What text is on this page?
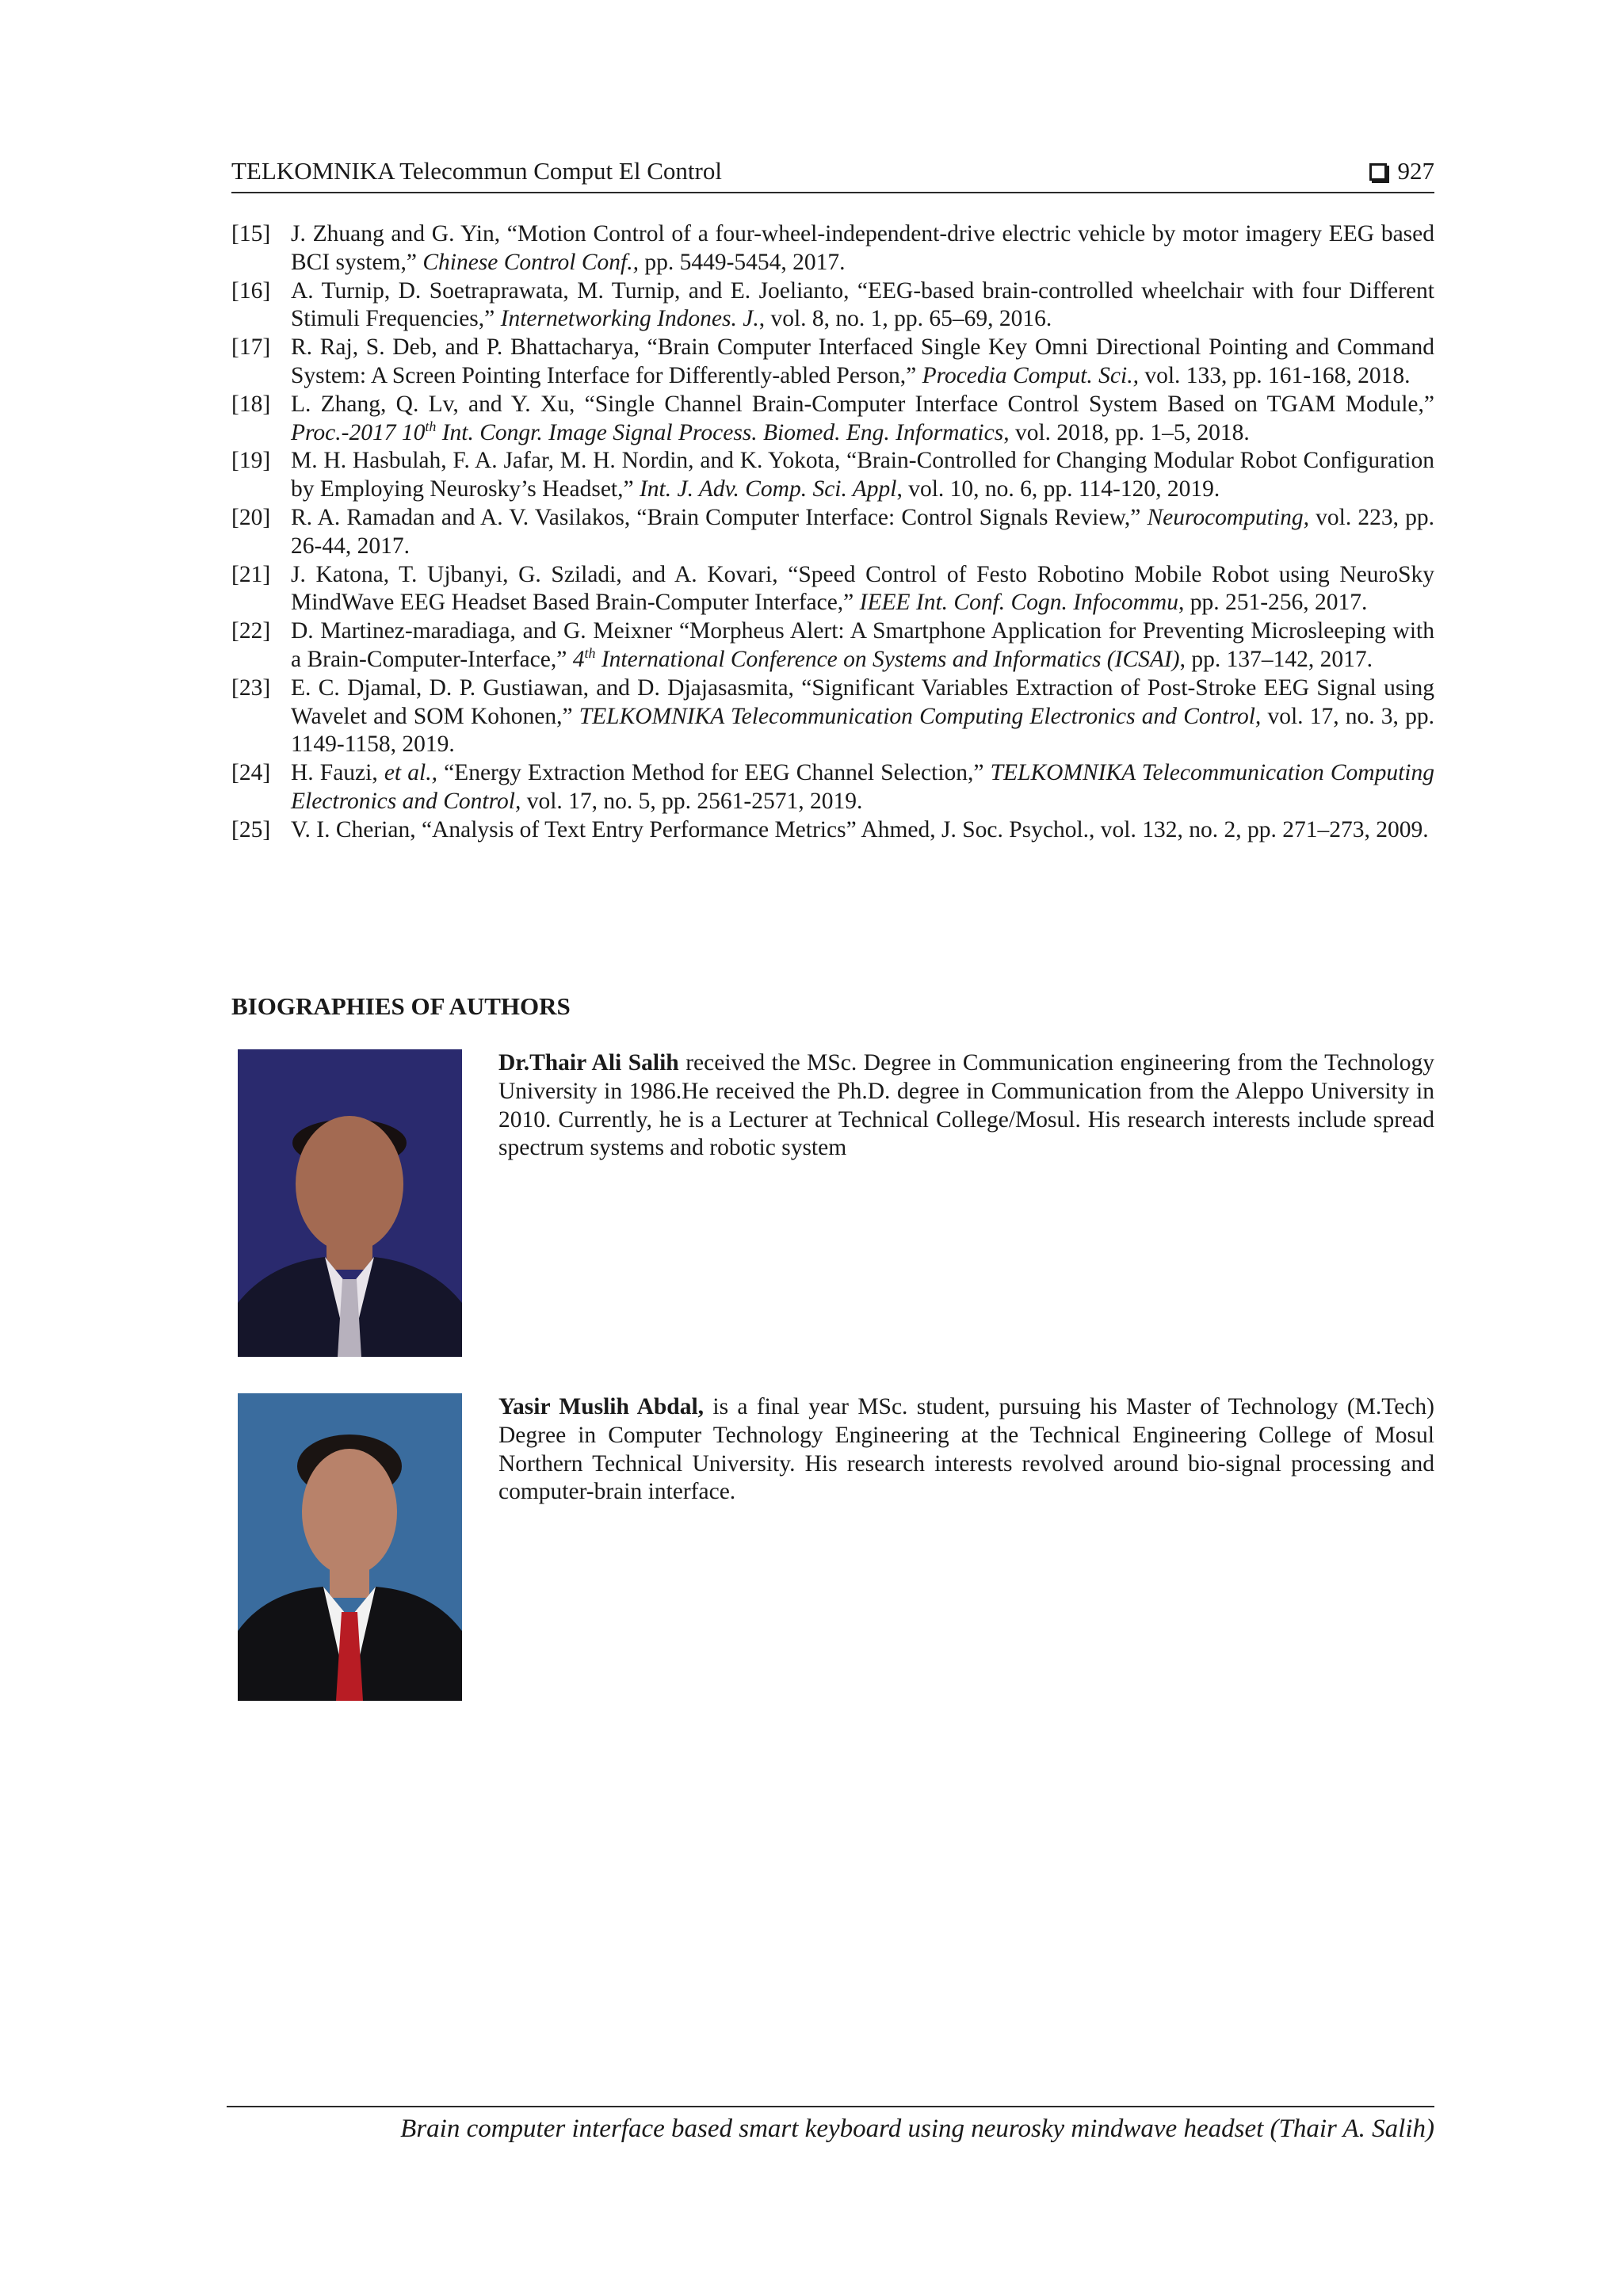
TELKOMNIKA Telecommun Comput El Control	927
[15] J. Zhuang and G. Yin, “Motion Control of a four-wheel-independent-drive electric vehicle by motor imagery EEG based BCI system,” Chinese Control Conf., pp. 5449-5454, 2017.
[16] A. Turnip, D. Soetraprawata, M. Turnip, and E. Joelianto, “EEG-based brain-controlled wheelchair with four Different Stimuli Frequencies,” Internetworking Indones. J., vol. 8, no. 1, pp. 65–69, 2016.
[17] R. Raj, S. Deb, and P. Bhattacharya, “Brain Computer Interfaced Single Key Omni Directional Pointing and Command System: A Screen Pointing Interface for Differently-abled Person,” Procedia Comput. Sci., vol. 133, pp. 161-168, 2018.
[18] L. Zhang, Q. Lv, and Y. Xu, “Single Channel Brain-Computer Interface Control System Based on TGAM Module,” Proc.-2017 10th Int. Congr. Image Signal Process. Biomed. Eng. Informatics, vol. 2018, pp. 1–5, 2018.
[19] M. H. Hasbulah, F. A. Jafar, M. H. Nordin, and K. Yokota, “Brain-Controlled for Changing Modular Robot Configuration by Employing Neurosky’s Headset,” Int. J. Adv. Comp. Sci. Appl, vol. 10, no. 6, pp. 114-120, 2019.
[20] R. A. Ramadan and A. V. Vasilakos, “Brain Computer Interface: Control Signals Review,” Neurocomputing, vol. 223, pp. 26-44, 2017.
[21] J. Katona, T. Ujbanyi, G. Sziladi, and A. Kovari, “Speed Control of Festo Robotino Mobile Robot using NeuroSky MindWave EEG Headset Based Brain-Computer Interface,” IEEE Int. Conf. Cogn. Infocommu, pp. 251-256, 2017.
[22] D. Martinez-maradiaga, and G. Meixner “Morpheus Alert: A Smartphone Application for Preventing Microsleeping with a Brain-Computer-Interface,” 4th International Conference on Systems and Informatics (ICSAI), pp. 137–142, 2017.
[23] E. C. Djamal, D. P. Gustiawan, and D. Djajasasmita, “Significant Variables Extraction of Post-Stroke EEG Signal using Wavelet and SOM Kohonen,” TELKOMNIKA Telecommunication Computing Electronics and Control, vol. 17, no. 3, pp. 1149-1158, 2019.
[24] H. Fauzi, et al., “Energy Extraction Method for EEG Channel Selection,” TELKOMNIKA Telecommunication Computing Electronics and Control, vol. 17, no. 5, pp. 2561-2571, 2019.
[25] V. I. Cherian, “Analysis of Text Entry Performance Metrics” Ahmed, J. Soc. Psychol., vol. 132, no. 2, pp. 271–273, 2009.
BIOGRAPHIES OF AUTHORS
Dr.Thair Ali Salih received the MSc. Degree in Communication engineering from the Technology University in 1986.He received the Ph.D. degree in Communication from the Aleppo University in 2010. Currently, he is a Lecturer at Technical College/Mosul. His research interests include spread spectrum systems and robotic system
Yasir Muslih Abdal, is a final year MSc. student, pursuing his Master of Technology (M.Tech) Degree in Computer Technology Engineering at the Technical Engineering College of Mosul Northern Technical University. His research interests revolved around bio-signal processing and computer-brain interface.
Brain computer interface based smart keyboard using neurosky mindwave headset (Thair A. Salih)
